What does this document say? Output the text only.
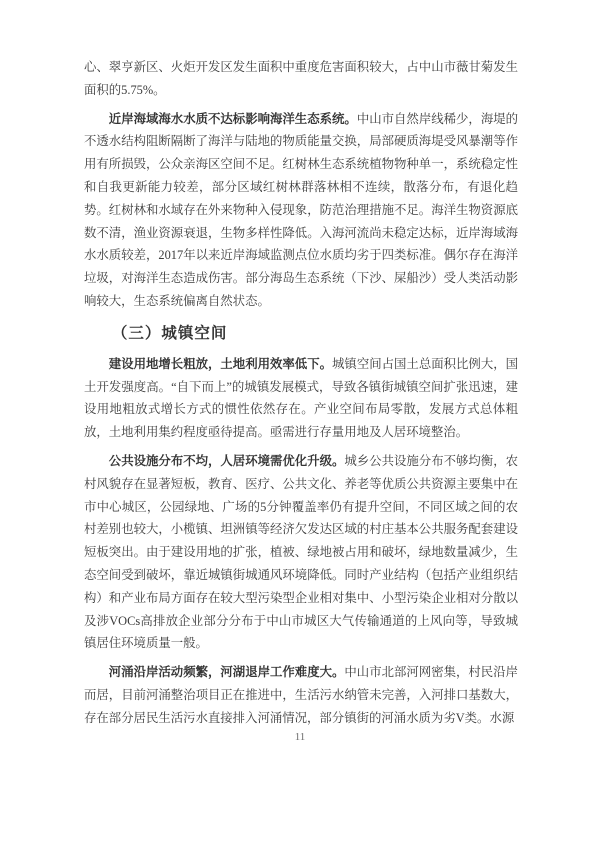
心、翠亨新区、火炬开发区发生面积中重度危害面积较大，占中山市薇甘菊发生面积的5.75%。

近岸海域海水水质不达标影响海洋生态系统。中山市自然岸线稀少，海堤的不透水结构阻断隔断了海洋与陆地的物质能量交换，局部硬质海堤受风暴潮等作用有所损毁，公众亲海区空间不足。红树林生态系统植物物种单一，系统稳定性和自我更新能力较差，部分区域红树林群落林相不连续，散落分布，有退化趋势。红树林和水域存在外来物种入侵现象，防范治理措施不足。海洋生物资源底数不清，渔业资源衰退，生物多样性降低。入海河流尚未稳定达标，近岸海域海水水质较差，2017年以来近岸海域监测点位水质均劣于四类标准。偶尔存在海洋垃圾，对海洋生态造成伤害。部分海岛生态系统（下沙、屎船沙）受人类活动影响较大，生态系统偏离自然状态。

（三）城镇空间

建设用地增长粗放，土地利用效率低下。城镇空间占国土总面积比例大，国土开发强度高。“自下而上”的城镇发展模式，导致各镇街城镇空间扩张迅速，建设用地粗放式增长方式的惯性依然存在。产业空间布局零散，发展方式总体粗放，土地利用集约程度亟待提高。亟需进行存量用地及人居环境整治。

公共设施分布不均，人居环境需优化升级。城乡公共设施分布不够均衡，农村风貌存在显著短板，教育、医疗、公共文化、养老等优质公共资源主要集中在市中心城区，公园绿地、广场的5分钟覆盖率仍有提升空间，不同区域之间的农村差别也较大，小榄镇、坦洲镇等经济欠发达区域的村庄基本公共服务配套建设短板突出。由于建设用地的扩张，植被、绿地被占用和破坏，绿地数量减少，生态空间受到破坏，靠近城镇街城通风环境降低。同时产业结构（包括产业组织结构）和产业布局方面存在较大型污染型企业相对集中、小型污染企业相对分散以及涉VOCs高排放企业部分分布于中山市城区大气传输通道的上风向等，导致城镇居住环境质量一般。

河涌沿岸活动频繁，河湖退岸工作难度大。中山市北部河网密集，村民沿岸而居，目前河涌整治项目正在推进中，生活污水纳管未完善，入河排口基数大，存在部分居民生活污水直接排入河涌情况，部分镇街的河涌水质为劣V类。水源

11
